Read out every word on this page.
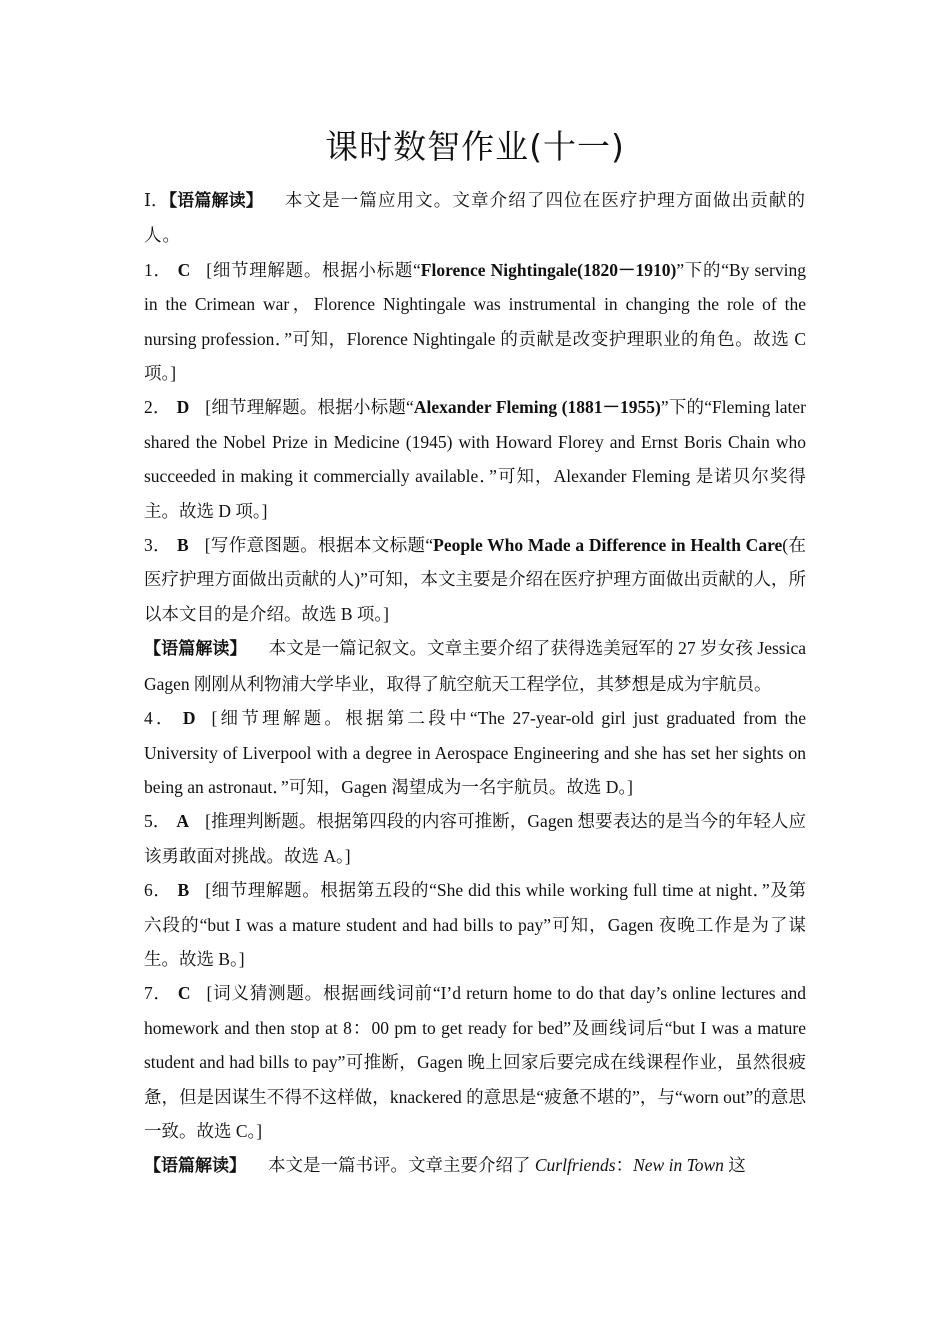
课时数智作业(十一)

Ⅰ．【语篇解读】 本文是一篇应用文。文章介绍了四位在医疗护理方面做出贡献的人。

1． C [细节理解题。根据小标题“Florence Nightingale(1820－1910)”下的“By serving in the Crimean war，Florence Nightingale was instrumental in changing the role of the nursing profession．”可知，Florence Nightingale 的贡献是改变护理职业的角色。故选 C 项。]

2． D [细节理解题。根据小标题“Alexander Fleming (1881－1955)”下的“Fleming later shared the Nobel Prize in Medicine (1945) with Howard Florey and Ernst Boris Chain who succeeded in making it commercially available．”可知，Alexander Fleming 是诺贝尔奖得主。故选 D 项。]

3． B [写作意图题。根据本文标题“People Who Made a Difference in Health Care(在医疗护理方面做出贡献的人)”可知，本文主要是介绍在医疗护理方面做出贡献的人，所以本文目的是介绍。故选 B 项。]

【语篇解读】 本文是一篇记叙文。文章主要介绍了获得选美冠军的 27 岁女孩 Jessica Gagen 刚刚从利物浦大学毕业，取得了航空航天工程学位，其梦想是成为宇航员。

4． D [细节理解题。根据第二段中“The 27-year-old girl just graduated from the University of Liverpool with a degree in Aerospace Engineering and she has set her sights on being an astronaut．”可知，Gagen 渴望成为一名宇航员。故选 D。]

5． A [推理判断题。根据第四段的内容可推断，Gagen 想要表达的是当今的年轻人应该勇敢面对挑战。故选 A。]

6． B [细节理解题。根据第五段的“She did this while working full time at night．”及第六段的“but I was a mature student and had bills to pay”可知，Gagen 夜晚工作是为了谋生。故选 B。]

7． C [词义猜测题。根据画线词前“I’d return home to do that day’s online lectures and homework and then stop at 8：00 pm to get ready for bed”及画线词后“but I was a mature student and had bills to pay”可推断，Gagen 晚上回家后要完成在线课程作业，虽然很疲惫，但是因谋生不得不这样做，knackered 的意思是“疲惫不堪的”，与“worn out”的意思一致。故选 C。]

【语篇解读】 本文是一篇书评。文章主要介绍了 Curlfriends：New in Town 这
